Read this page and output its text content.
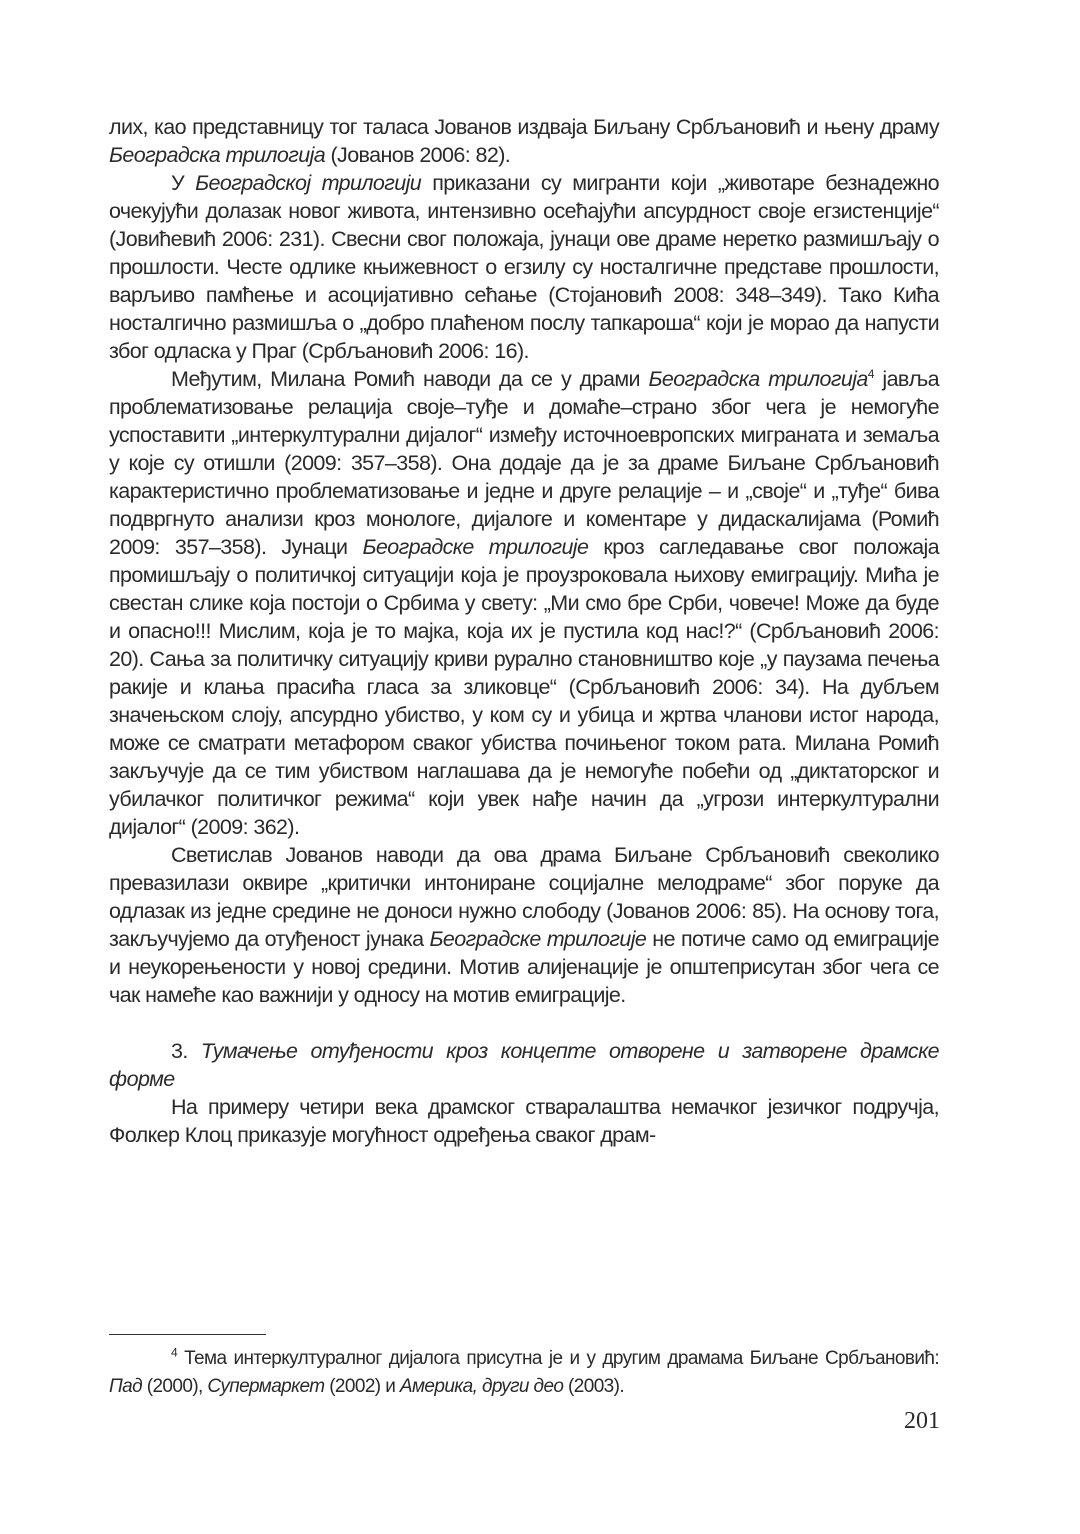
лих, као представницу тог таласа Јованов издваја Биљану Србљановић и њену драму Београдска трилогија (Јованов 2006: 82).

У Београдској трилогији приказани су мигранти који „животаре безнадежно очекујући долазак новог живота, интензивно осећајући апсурдност своје егзистенције“ (Јовићевић 2006: 231). Свесни свог положаја, јунаци ове драме неретко размишљају о прошлости. Честе одлике књижевност о егзилу су носталгичне представе прошлости, варљиво памћење и асоцијативно сећање (Стојановић 2008: 348–349). Тако Кића носталгично размишља о „добро плаћеном послу тапкароша“ који је морао да напусти због одласка у Праг (Србљановић 2006: 16).

Међутим, Милана Ромић наводи да се у драми Београдска трилогија$^4$ јавља проблематизовање релација своје–туђе и домаће–страно због чега је немогуће успоставити „интеркултурални дијалог“ између источноевропских миграната и земаља у које су отишли (2009: 357–358). Она додаје да је за драме Биљане Србљановић карактеристично проблематизовање и једне и друге релације – и „своје“ и „туђе“ бива подвргнуто анализи кроз монологе, дијалоге и коментаре у дидаскалијама (Ромић 2009: 357–358). Јунаци Београдске трилогије кроз сагледавање свог положаја промишљају о политичкој ситуацији која је проузроковала њихову емиграцију. Мића је свестан слике која постоји о Србима у свету: „Ми смо бре Срби, човече! Може да буде и опасно!!! Мислим, која је то мајка, која их је пустила код нас!?“ (Србљановић 2006: 20). Сања за политичку ситуацију криви рурално становништво које „у паузама печења ракије и клања прасића гласа за зликовце“ (Србљановић 2006: 34). На дубљем значењском слоју, апсурдно убиство, у ком су и убица и жртва чланови истог народа, може се сматрати метафором сваког убиства почињеног током рата. Милана Ромић закључује да се тим убиством наглашава да је немогуће побећи од „диктаторског и убилачког политичког режима“ који увек нађе начин да „угрози интеркултурални дијалог“ (2009: 362).

Светислав Јованов наводи да ова драма Биљане Србљановић свеколико превазилази оквире „критички интониране социјалне мелодраме“ због поруке да одлазак из једне средине не доноси нужно слободу (Јованов 2006: 85). На основу тога, закључујемо да отуђеност јунака Београдске трилогије не потиче само од емиграције и неукорењености у новој средини. Мотив алијенације је општеприсутан због чега се чак намеће као важнији у односу на мотив емиграције.

3. Тумачење отуђености кроз концепте отворене и затворене драмске форме

На примеру четири века драмског стваралаштва немачког језичког подручја, Фолкер Клоц приказује могућност одређења сваког драм-

$^4$ Тема интеркултуралног дијалога присутна је и у другим драмама Биљане Србљановић: Пад (2000), Супермаркет (2002) и Америка, други део (2003).

201
